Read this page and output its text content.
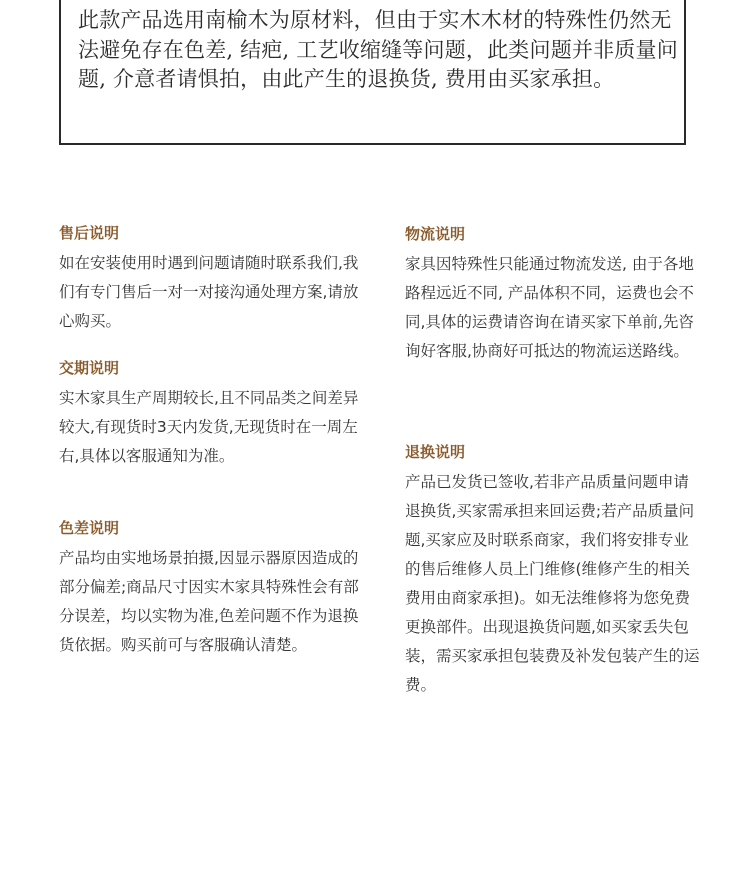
此款产品选用南榆木为原材料，但由于实木木材的特殊性仍然无法避免存在色差, 结疤, 工艺收缩缝等问题，此类问题并非质量问题, 介意者请惧拍，由此产生的退换货, 费用由买家承担。

售后说明

如在安装使用时遇到问题请随时联系我们,我们有专门售后一对一对接沟通处理方案,请放心购买。

交期说明

实木家具生产周期较长,且不同品类之间差异较大,有现货时3天内发货,无现货时在一周左右,具体以客服通知为准。

色差说明

产品均由实地场景拍摄,因显示器原因造成的部分偏差;商品尺寸因实木家具特殊性会有部分误差，均以实物为准,色差问题不作为退换货依据。购买前可与客服确认清楚。

物流说明

家具因特殊性只能通过物流发送, 由于各地路程远近不同, 产品体积不同，运费也会不同,具体的运费请咨询在请买家下单前,先咨询好客服,协商好可抵达的物流运送路线。

退换说明

产品已发货已签收,若非产品质量问题申请退换货,买家需承担来回运费;若产品质量问题,买家应及时联系商家，我们将安排专业的售后维修人员上门维修(维修产生的相关费用由商家承担)。如无法维修将为您免费更换部件。出现退换货问题,如买家丢失包装，需买家承担包装费及补发包装产生的运费。
